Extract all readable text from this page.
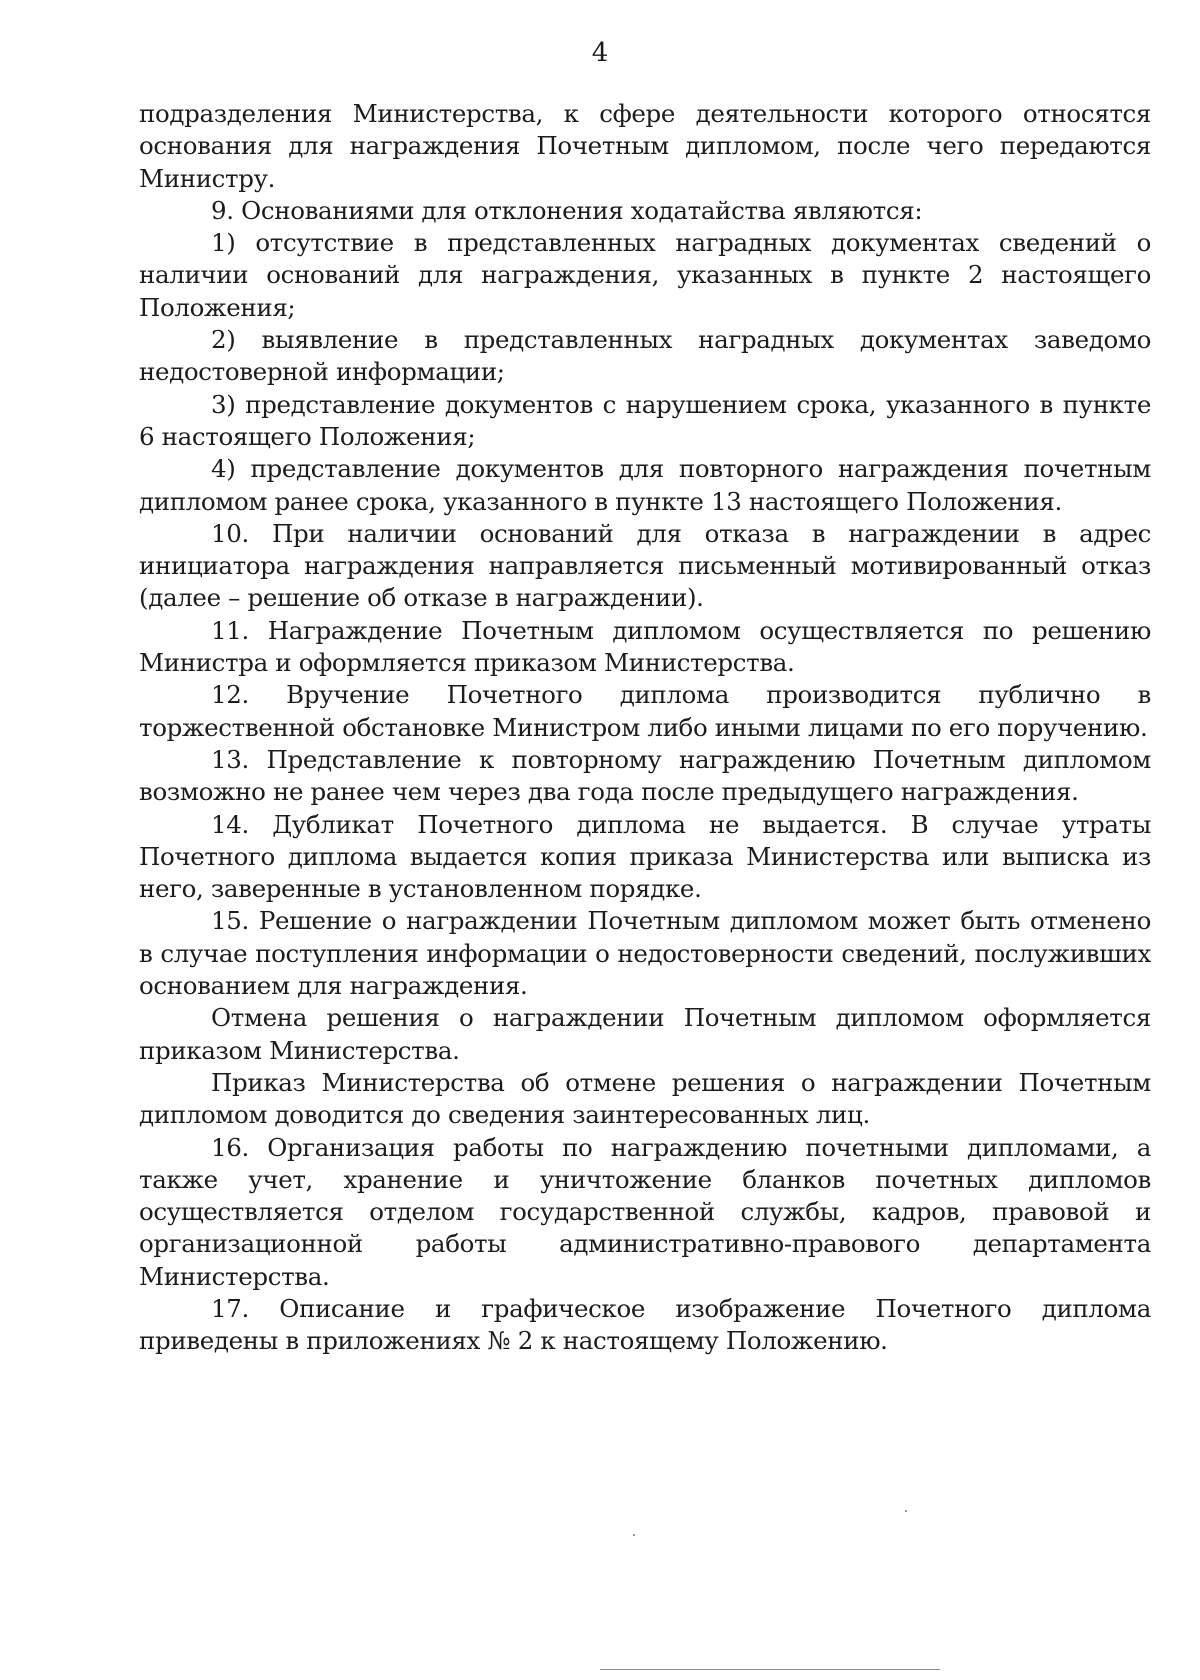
4

подразделения Министерства, к сфере деятельности которого относятся основания для награждения Почетным дипломом, после чего передаются Министру.

9. Основаниями для отклонения ходатайства являются:

1) отсутствие в представленных наградных документах сведений о наличии оснований для награждения, указанных в пункте 2 настоящего Положения;

2) выявление в представленных наградных документах заведомо недостоверной информации;

3) представление документов с нарушением срока, указанного в пункте 6 настоящего Положения;

4) представление документов для повторного награждения почетным дипломом ранее срока, указанного в пункте 13 настоящего Положения.

10. При наличии оснований для отказа в награждении в адрес инициатора награждения направляется письменный мотивированный отказ (далее – решение об отказе в награждении).

11. Награждение Почетным дипломом осуществляется по решению Министра и оформляется приказом Министерства.

12. Вручение Почетного диплома производится публично в торжественной обстановке Министром либо иными лицами по его поручению.

13. Представление к повторному награждению Почетным дипломом возможно не ранее чем через два года после предыдущего награждения.

14. Дубликат Почетного диплома не выдается. В случае утраты Почетного диплома выдается копия приказа Министерства или выписка из него, заверенные в установленном порядке.

15. Решение о награждении Почетным дипломом может быть отменено в случае поступления информации о недостоверности сведений, послуживших основанием для награждения.

Отмена решения о награждении Почетным дипломом оформляется приказом Министерства.

Приказ Министерства об отмене решения о награждении Почетным дипломом доводится до сведения заинтересованных лиц.

16. Организация работы по награждению почетными дипломами, а также учет, хранение и уничтожение бланков почетных дипломов осуществляется отделом государственной службы, кадров, правовой и организационной работы административно-правового департамента Министерства.

17. Описание и графическое изображение Почетного диплома приведены в приложениях № 2 к настоящему Положению.
